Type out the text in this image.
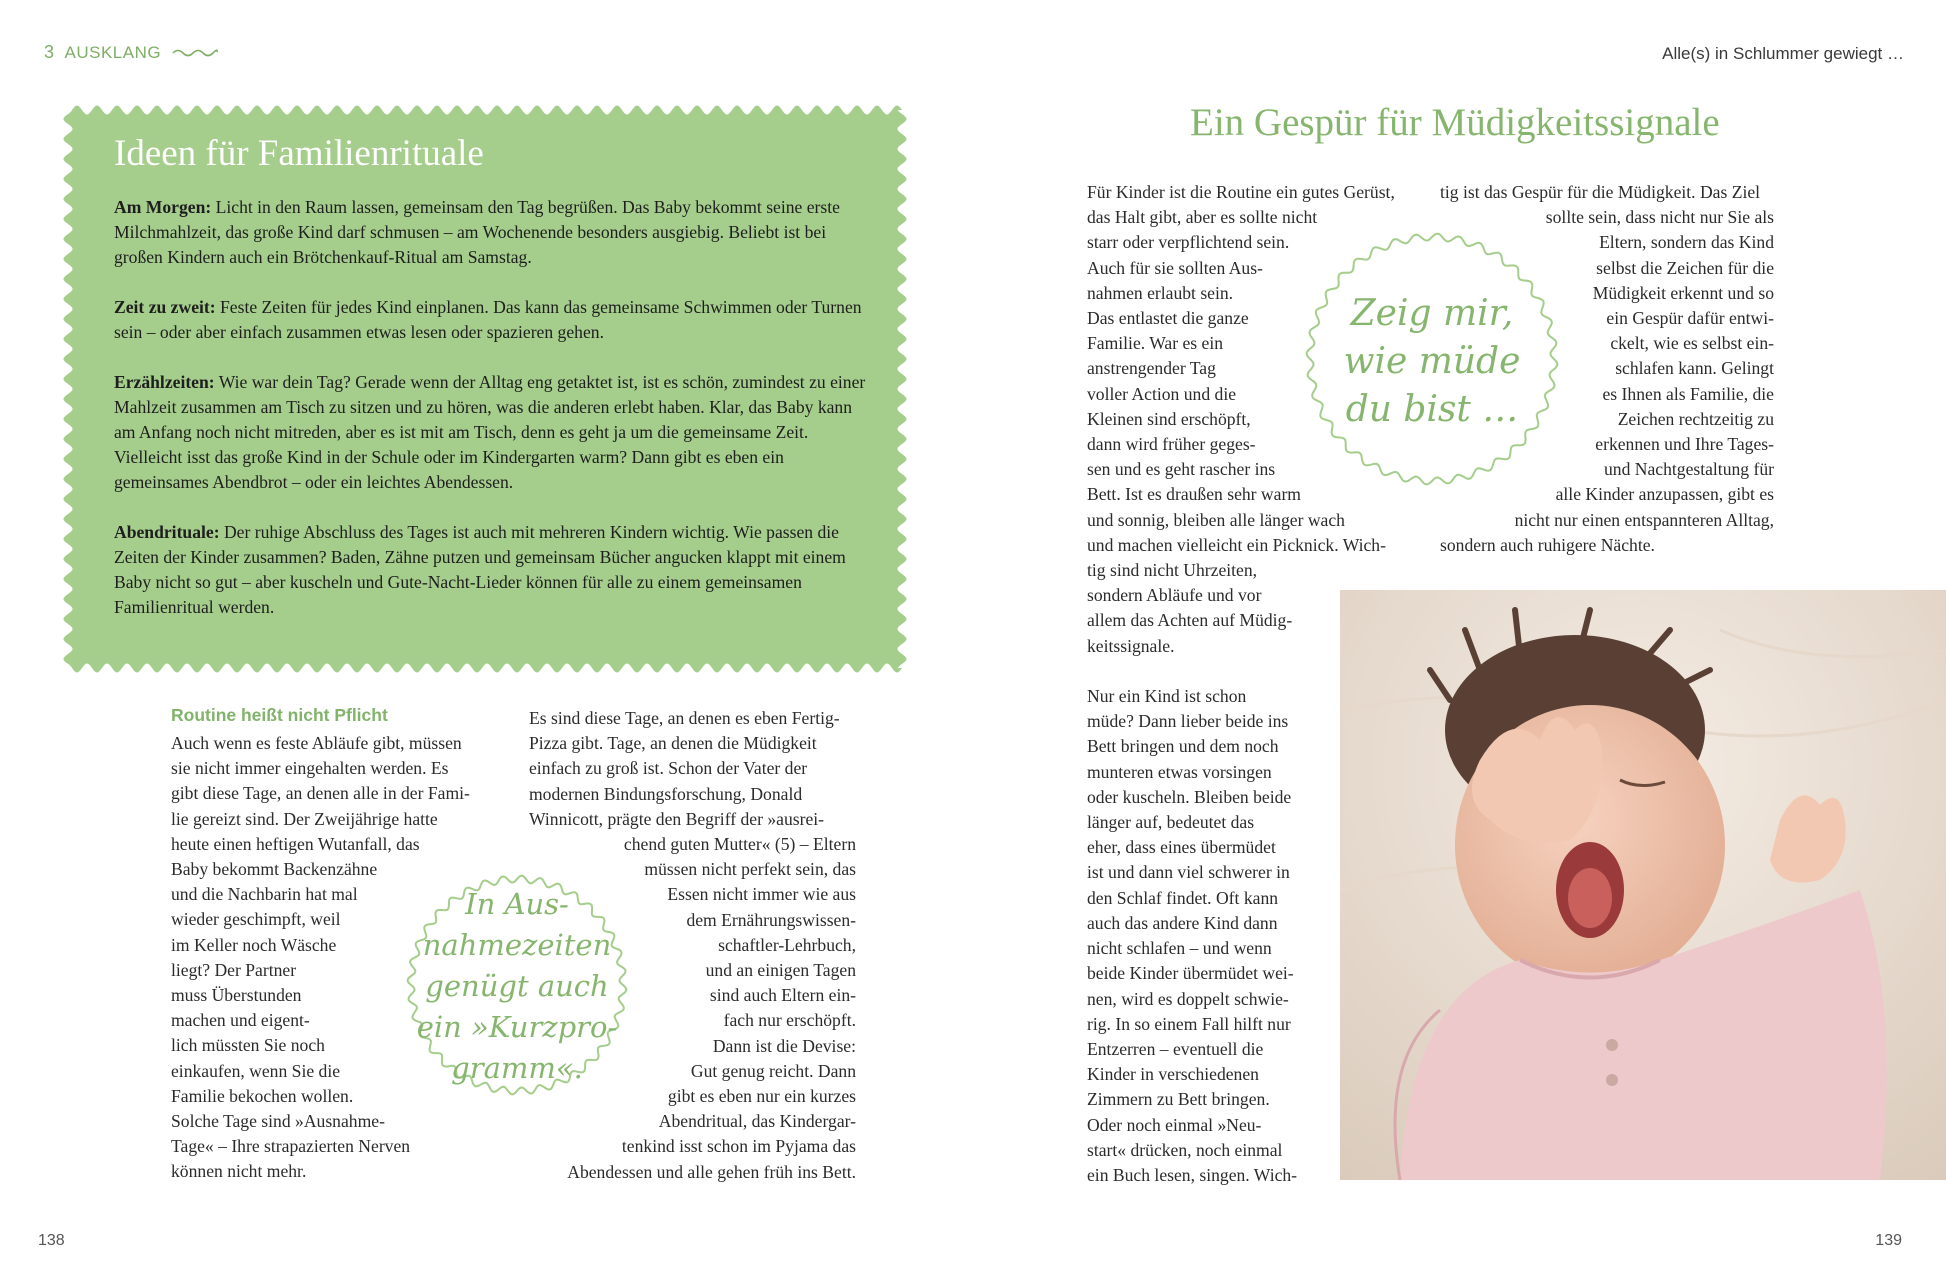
3 AUSKLANG	Alle(s) in Schlummer gewiegt …
Ideen für Familienrituale

Am Morgen: Licht in den Raum lassen, gemeinsam den Tag begrüßen. Das Baby bekommt seine erste Milchmahlzeit, das große Kind darf schmusen – am Wochenende besonders ausgiebig. Beliebt ist bei großen Kindern auch ein Brötchenkauf-Ritual am Samstag.

Zeit zu zweit: Feste Zeiten für jedes Kind einplanen. Das kann das gemeinsame Schwimmen oder Turnen sein – oder aber einfach zusammen etwas lesen oder spazieren gehen.

Erzählzeiten: Wie war dein Tag? Gerade wenn der Alltag eng getaktet ist, ist es schön, zumindest zu einer Mahlzeit zusammen am Tisch zu sitzen und zu hören, was die anderen erlebt haben. Klar, das Baby kann am Anfang noch nicht mitreden, aber es ist mit am Tisch, denn es geht ja um die gemeinsame Zeit. Vielleicht isst das große Kind in der Schule oder im Kindergarten warm? Dann gibt es eben ein gemeinsames Abendbrot – oder ein leichtes Abendessen.

Abendrituale: Der ruhige Abschluss des Tages ist auch mit mehreren Kindern wichtig. Wie passen die Zeiten der Kinder zusammen? Baden, Zähne putzen und gemeinsam Bücher angucken klappt mit einem Baby nicht so gut – aber kuscheln und Gute-Nacht-Lieder können für alle zu einem gemeinsamen Familienritual werden.

Routine heißt nicht Pflicht
Auch wenn es feste Abläufe gibt, müssen
sie nicht immer eingehalten werden. Es
gibt diese Tage, an denen alle in der Fami-
lie gereizt sind. Der Zweijährige hatte
heute einen heftigen Wutanfall, das
Baby bekommt Backenzähne
und die Nachbarin hat mal
wieder geschimpft, weil
im Keller noch Wäsche
liegt? Der Partner
muss Überstunden
machen und eigent-
lich müssten Sie noch
einkaufen, wenn Sie die
Familie bekochen wollen.
Solche Tage sind »Ausnahme-
Tage« – Ihre strapazierten Nerven
können nicht mehr.
Es sind diese Tage, an denen es eben Fertig-
Pizza gibt. Tage, an denen die Müdigkeit
einfach zu groß ist. Schon der Vater der
modernen Bindungsforschung, Donald
Winnicott, prägte den Begriff der »ausrei-
chend guten Mutter« (5) – Eltern
müssen nicht perfekt sein, das
Essen nicht immer wie aus
dem Ernährungswissen-
schaftler-Lehrbuch,
und an einigen Tagen
sind auch Eltern ein-
fach nur erschöpft.
Dann ist die Devise:
Gut genug reicht. Dann
gibt es eben nur ein kurzes
Abendritual, das Kindergar-
tenkind isst schon im Pyjama das
Abendessen und alle gehen früh ins Bett.
In Aus-
nahmezeiten
genügt auch
ein »Kurzpro-
gramm«.
Ein Gespür für Müdigkeitssignale
Für Kinder ist die Routine ein gutes Gerüst,
das Halt gibt, aber es sollte nicht
starr oder verpflichtend sein.
Auch für sie sollten Aus-
nahmen erlaubt sein.
Das entlastet die ganze
Familie. War es ein
anstrengender Tag
voller Action und die
Kleinen sind erschöpft,
dann wird früher geges-
sen und es geht rascher ins
Bett. Ist es draußen sehr warm
und sonnig, bleiben alle länger wach
und machen vielleicht ein Picknick. Wich-
tig sind nicht Uhrzeiten,
sondern Abläufe und vor
allem das Achten auf Müdig-
keitssignale.

Nur ein Kind ist schon
müde? Dann lieber beide ins
Bett bringen und dem noch
munteren etwas vorsingen
oder kuscheln. Bleiben beide
länger auf, bedeutet das
eher, dass eines übermüdet
ist und dann viel schwerer in
den Schlaf findet. Oft kann
auch das andere Kind dann
nicht schlafen – und wenn
beide Kinder übermüdet wei-
nen, wird es doppelt schwie-
rig. In so einem Fall hilft nur
Entzerren – eventuell die
Kinder in verschiedenen
Zimmern zu Bett bringen.
Oder noch einmal »Neu-
start« drücken, noch einmal
ein Buch lesen, singen. Wich-
tig ist das Gespür für die Müdigkeit. Das Ziel
sollte sein, dass nicht nur Sie als
Eltern, sondern das Kind
selbst die Zeichen für die
Müdigkeit erkennt und so
ein Gespür dafür entwi-
ckelt, wie es selbst ein-
schlafen kann. Gelingt
es Ihnen als Familie, die
Zeichen rechtzeitig zu
erkennen und Ihre Tages-
und Nachtgestaltung für
alle Kinder anzupassen, gibt es
nicht nur einen entspannteren Alltag,
sondern auch ruhigere Nächte.
Zeig mir,
wie müde
du bist …
138	139
